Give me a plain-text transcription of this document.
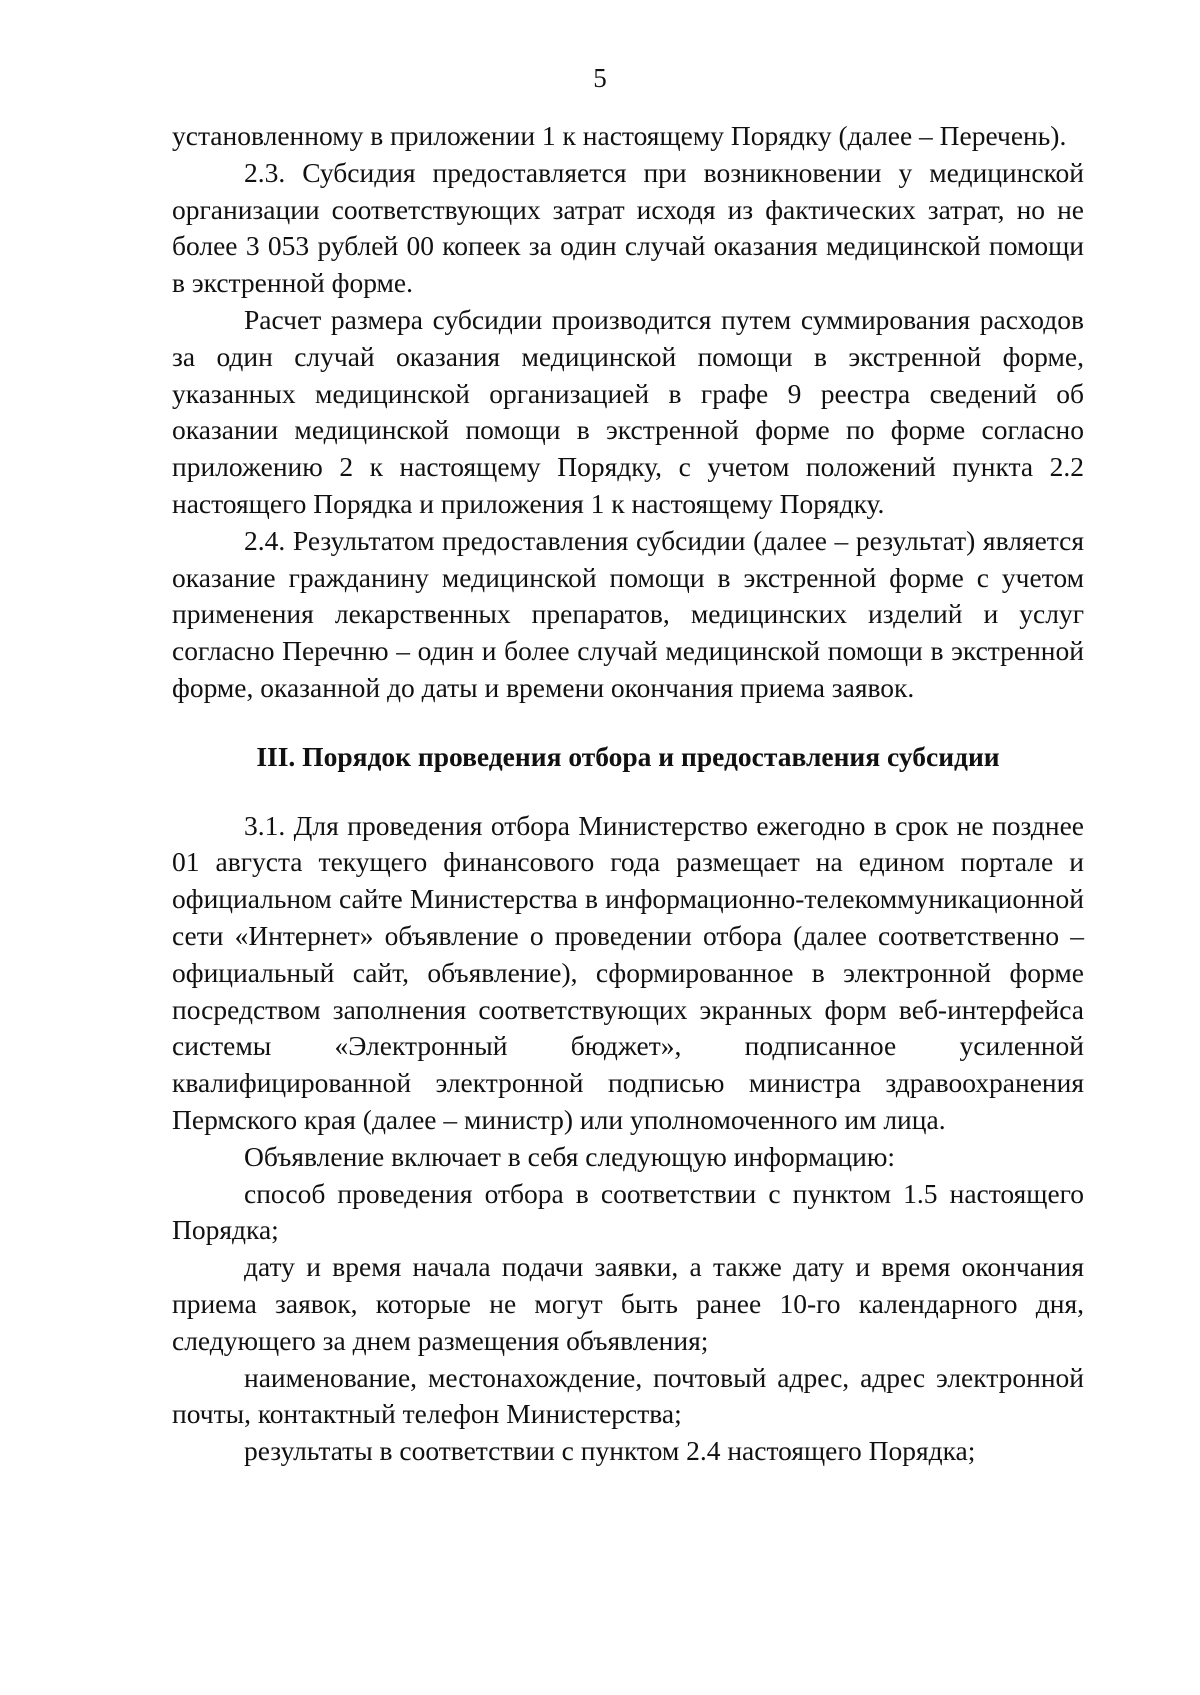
5

установленному в приложении 1 к настоящему Порядку (далее – Перечень).

2.3. Субсидия предоставляется при возникновении у медицинской организации соответствующих затрат исходя из фактических затрат, но не более 3 053 рублей 00 копеек за один случай оказания медицинской помощи в экстренной форме.

Расчет размера субсидии производится путем суммирования расходов за один случай оказания медицинской помощи в экстренной форме, указанных медицинской организацией в графе 9 реестра сведений об оказании медицинской помощи в экстренной форме по форме согласно приложению 2 к настоящему Порядку, с учетом положений пункта 2.2 настоящего Порядка и приложения 1 к настоящему Порядку.

2.4. Результатом предоставления субсидии (далее – результат) является оказание гражданину медицинской помощи в экстренной форме с учетом применения лекарственных препаратов, медицинских изделий и услуг согласно Перечню – один и более случай медицинской помощи в экстренной форме, оказанной до даты и времени окончания приема заявок.

III. Порядок проведения отбора и предоставления субсидии

3.1. Для проведения отбора Министерство ежегодно в срок не позднее 01 августа текущего финансового года размещает на едином портале и официальном сайте Министерства в информационно-телекоммуникационной сети «Интернет» объявление о проведении отбора (далее соответственно – официальный сайт, объявление), сформированное в электронной форме посредством заполнения соответствующих экранных форм веб-интерфейса системы «Электронный бюджет», подписанное усиленной квалифицированной электронной подписью министра здравоохранения Пермского края (далее – министр) или уполномоченного им лица.

Объявление включает в себя следующую информацию:

способ проведения отбора в соответствии с пунктом 1.5 настоящего Порядка;

дату и время начала подачи заявки, а также дату и время окончания приема заявок, которые не могут быть ранее 10-го календарного дня, следующего за днем размещения объявления;

наименование, местонахождение, почтовый адрес, адрес электронной почты, контактный телефон Министерства;

результаты в соответствии с пунктом 2.4 настоящего Порядка;
